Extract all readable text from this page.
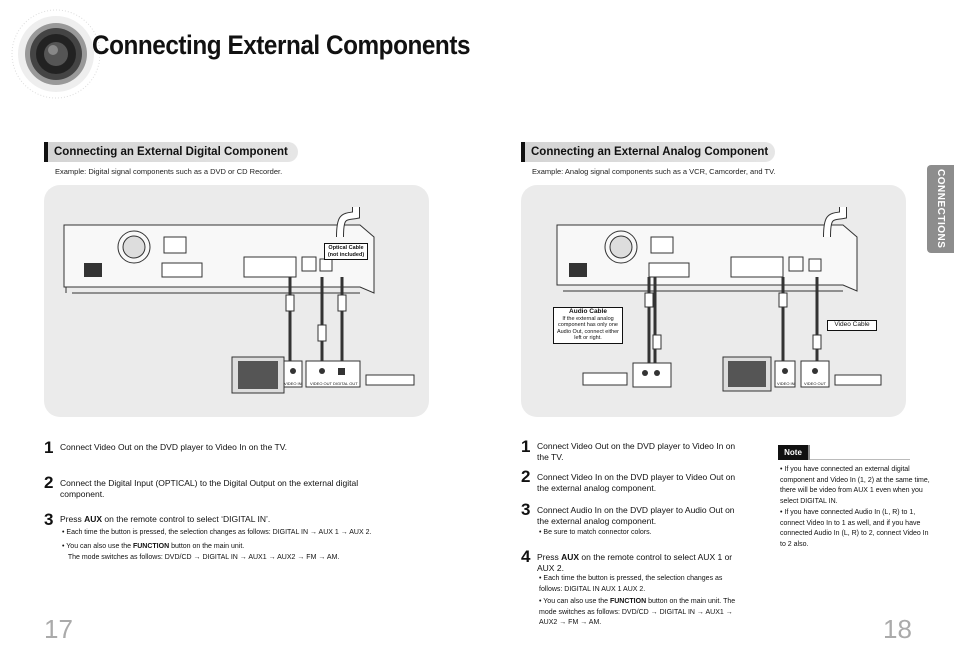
Connecting External Components
Connecting an External Digital Component
Example: Digital signal components such as a DVD or CD Recorder.
Connecting an External Analog Component
Example: Analog signal components such as a VCR, Camcorder, and TV.	CONNECTIONS
VIDEO IN VIDEO OUT DIGITAL OUT
Optical Cable
(not included)
VIDEO IN VIDEO OUT
Audio Cable
If the external analog component has only one Audio Out, connect either left or right.
Video Cable
1 Connect Video Out on the DVD player to Video In on the TV.
2 Connect the Digital Input (OPTICAL) to the Digital Output on the external digital component.
3 Press AUX on the remote control to select ‘DIGITAL IN’.
• Each time the button is pressed, the selection changes as follows: DIGITAL IN → AUX 1 → AUX 2.
• You can also use the FUNCTION button on the main unit.
The mode switches as follows: DVD/CD → DIGITAL IN → AUX1 → AUX2 → FM → AM.
17
1 Connect Video Out on the DVD player to Video In on the TV.
2 Connect Video In on the DVD player to Video Out on the external analog component.
3 Connect Audio In on the DVD player to Audio Out on the external analog component.
• Be sure to match connector colors.
4 Press AUX on the remote control to select AUX 1 or AUX 2.
• Each time the button is pressed, the selection changes as follows: DIGITAL IN AUX 1 AUX 2.
• You can also use the FUNCTION button on the main unit. The mode switches as follows: DVD/CD → DIGITAL IN → AUX1 → AUX2 → FM → AM.
Note
• If you have connected an external digital component and Video In (1, 2) at the same time, there will be video from AUX 1 even when you select DIGITAL IN.
• If you have connected Audio In (L, R) to 1, connect Video In to 1 as well, and if you have connected Audio In (L, R) to 2, connect Video In to 2 also.
18
